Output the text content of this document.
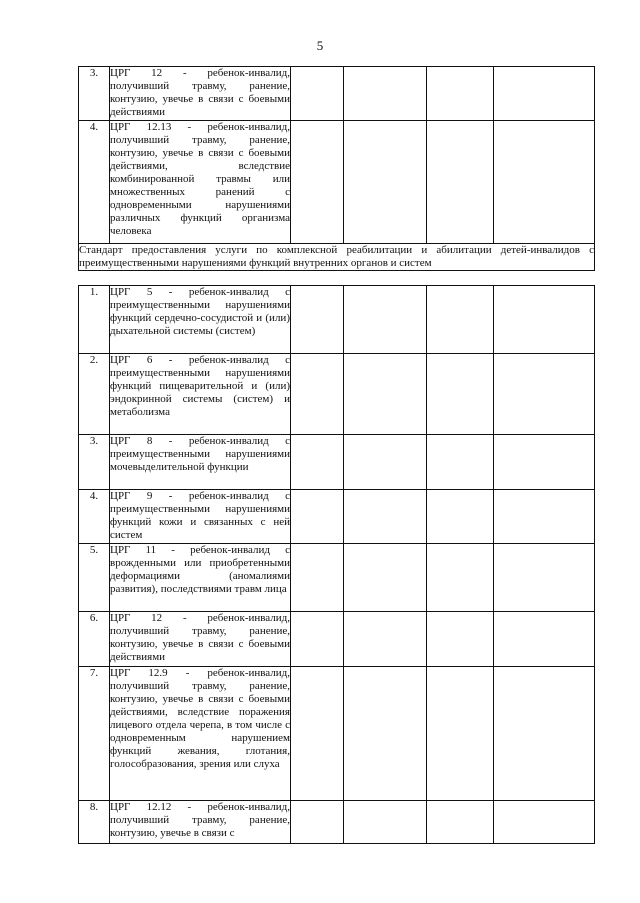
5
3.	ЦРГ 12 - ребенок-инвалид, получивший травму, ранение, контузию, увечье в связи с боевыми действиями				
4.	ЦРГ 12.13 - ребенок-инвалид, получивший травму, ранение, контузию, увечье в связи с боевыми действиями, вследствие комбинированной травмы или множественных ранений с одновременными нарушениями различных функций организма человека				
Стандарт предоставления услуги по комплексной реабилитации и абилитации детей-инвалидов с преимущественными нарушениями функций внутренних органов и систем					

1.	ЦРГ 5 - ребенок-инвалид с преимущественными нарушениями функций сердечно-сосудистой и (или) дыхательной системы (систем)				
2.	ЦРГ 6 - ребенок-инвалид с преимущественными нарушениями функций пищеварительной и (или) эндокринной системы (систем) и метаболизма				
3.	ЦРГ 8 - ребенок-инвалид с преимущественными нарушениями мочевыделительной функции				
4.	ЦРГ 9 - ребенок-инвалид с преимущественными нарушениями функций кожи и связанных с ней систем				
5.	ЦРГ 11 - ребенок-инвалид с врожденными или приобретенными деформациями (аномалиями развития), последствиями травм лица				
6.	ЦРГ 12 - ребенок-инвалид, получивший травму, ранение, контузию, увечье в связи с боевыми действиями				
7.	ЦРГ 12.9 - ребенок-инвалид, получивший травму, ранение, контузию, увечье в связи с боевыми действиями, вследствие поражения лицевого отдела черепа, в том числе с одновременным нарушением функций жевания, глотания, голособразования, зрения или слуха				
8.	ЦРГ 12.12 - ребенок-инвалид, получивший травму, ранение, контузию, увечье в связи с				
